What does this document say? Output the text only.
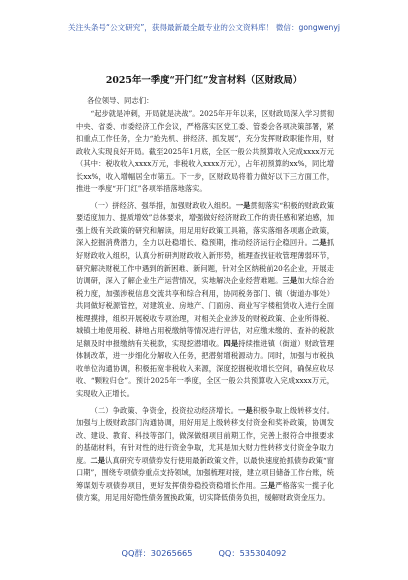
关注头条号“公文研究”，获得最新最全最专业的公文资料库！ 微信：gongwenyj
2025年一季度“开门红”发言材料（区财政局）
各位领导、同志们：

“起步就是冲刺，开局就是决战”。2025年开年以来，区财政局深入学习贯彻中央、省委、市委经济工作会议，严格落实区党工委、管委会各项决策部署，紧扣重点工作任务，全力“抢先机、拼经济、抓发展”，充分发挥财政职能作用，财政收入实现良好开局。截至2025年1月底，全区一般公共预算收入完成xxxx万元（其中：税收收入xxxx万元，非税收入xxxx万元），占年初预算的xx%，同比增长xx%，收入增幅居全市第五。下一步，区财政局将着力做好以下三方面工作，推进一季度“开门红”各项举措落地落实。

（一）拼经济、强举措，加强财政收入组织。一是贯彻落实“积极的财政政策要适度加力、提质增效”总体要求，增强做好经济财政工作的责任感和紧迫感，加强上级有关政策的研究和解读，用足用好政策工具箱，落实落细各项惠企政策，深入挖掘消费潜力，全力以赴稳增长、稳预期，推动经济运行企稳回升。二是抓好财政收入组织，认真分析研判财政收入新形势，梳理查找征收管理薄弱环节，研究解决财税工作中遇到的新困难、新问题，针对全区纳税前20名企业，开展走访调研，深入了解企业生产运营情况，实地解决企业经营难题。三是加大综合治税力度，加强涉税信息交流共享和综合利用，协同税务部门、镇（街道办事处）共同做好税源管控，对建筑业、房地产、门面房、商业写字楼租赁收入进行全面梳理摸排，组织开展税收专项治理，对相关企业涉及的财税政策、企业所得税、城镇土地使用税、耕地占用税缴纳等情况进行评估，对应缴未缴的、查补的税款足额及时申报缴纳有关税款，实现挖潜增收。四是持续推进镇（街道）财政管理体制改革，进一步细化分解收入任务，把潜射增税源动力。同时，加强与市税执收单位沟通协调，积极拓宽非税收入来源，深度挖掘税收增长空间，确保应收尽收、“颗粒归仓”。预计2025年一季度，全区一般公共预算收入完成xxxx万元，实现收入正增长。

（二）争政策、争资金，投资拉动经济增长。一是积极争取上级转移支付。加强与上级财政部门沟通协调，用好用足上级转移支付资金和奖补政策，协调发改、建设、教育、科技等部门，做深做细项目前期工作，完善上报符合申报要求的基础材料，有针对性的进行资金争取，尤其是加大财力性转移支付资金争取力度。二是认真研究专项债券发行使用最新政策文件，以最快速度抢抓债券政策“窗口期”，围绕专项债券重点支持领域，加强梳理对接，建立项目储备工作台账，统筹谋划专项债券项目，更好发挥债券稳投资稳增长作用。三是严格落实一揽子化债方案，用足用好隐性债务置换政策，切实降低债务负担，缓解财政资金压力。

QQ群：30265665	QQ：535304092
